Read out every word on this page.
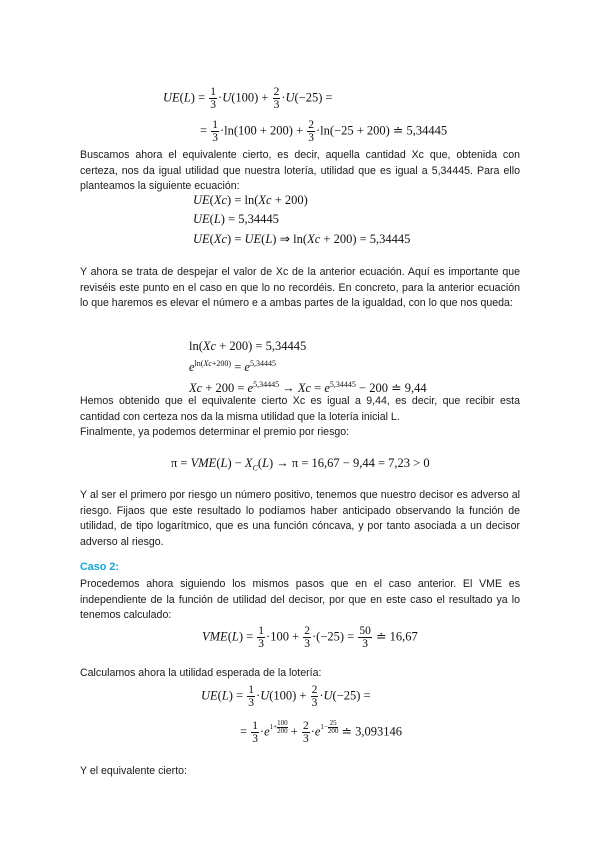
$UE(L) = \frac{1}{3} \cdot U(100) + \frac{2}{3} \cdot U(-25)$ =
= $\frac{1}{3} \cdot\ln(100 + 200) + \frac{2}{3} \cdot\ln(-25 + 200)$ ≐ 5,34445
Buscamos ahora el equivalente cierto, es decir, aquella cantidad Xc que, obtenida con certeza, nos da igual utilidad que nuestra lotería, utilidad que es igual a 5,34445. Para ello planteamos la siguiente ecuación:
UE(Xc) = ln(Xc + 200)
UE(L) = 5,34445
UE(Xc) = UE(L) ⇒ ln(Xc + 200) = 5,34445
Y ahora se trata de despejar el valor de Xc de la anterior ecuación. Aquí es importante que reviséis este punto en el caso en que lo no recordéis. En concreto, para la anterior ecuación lo que haremos es elevar el número e a ambas partes de la igualdad, con lo que nos queda:
ln(Xc + 200) = 5,34445
$e^{ln(Xc+200)} = e^{5,34445}$
$Xc + 200 = e^{5,34445} \to Xc = e^{5,34445} - 200$ ≐ 9,44
Hemos obtenido que el equivalente cierto Xc es igual a 9,44, es decir, que recibir esta cantidad con certeza nos da la misma utilidad que la lotería inicial L.
Finalmente, ya podemos determinar el premio por riesgo:
$\pi = VME(L) - X_C(L) \to \pi = 16,67 - 9,44 = 7,23 > 0$
Y al ser el primero por riesgo un número positivo, tenemos que nuestro decisor es adverso al riesgo. Fijaos que este resultado lo podíamos haber anticipado observando la función de utilidad, de tipo logarítmico, que es una función cóncava, y por tanto asociada a un decisor adverso al riesgo.
Caso 2:
Procedemos ahora siguiendo los mismos pasos que en el caso anterior. El VME es independiente de la función de utilidad del decisor, por que en este caso el resultado ya lo tenemos calculado:
$VME(L) = \frac{1}{3} \cdot 100 + \frac{2}{3} \cdot(-25) = \frac{50}{3}$ ≐ 16,67
Calculamos ahora la utilidad esperada de la lotería:
$UE(L) = \frac{1}{3} \cdot U(100) + \frac{2}{3} \cdot U(-25)$ =
= $\frac{1}{3} \cdot e$ $1+ \frac{100}{200} + \frac{2}{3} \cdot e$ $1- \frac{25}{200}$ ≐ 3,093146
Y el equivalente cierto:
